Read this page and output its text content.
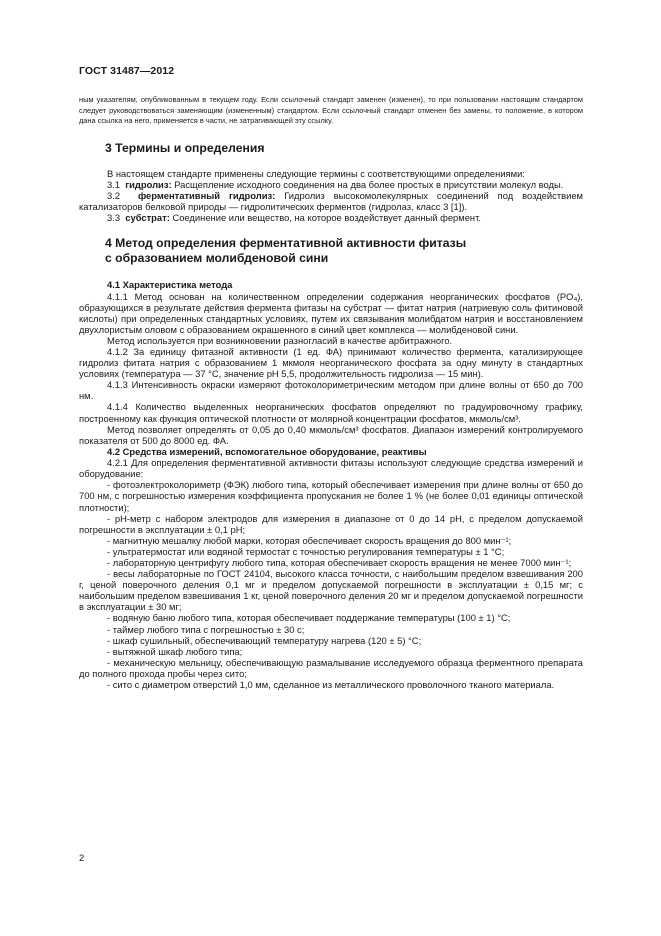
ГОСТ 31487—2012

ным указателям, опубликованным в текущем году. Если ссылочный стандарт заменен (изменен), то при пользовании настоящим стандартом следует руководствоваться заменяющим (измененным) стандартом. Если ссылочный стандарт отменен без замены, то положение, в котором дана ссылка на него, применяется в части, не затрагивающей эту ссылку.

3 Термины и определения

В настоящем стандарте применены следующие термины с соответствующими определениями:

3.1 гидролиз: Расщепление исходного соединения на два более простых в присутствии молекул воды.

3.2 ферментативный гидролиз: Гидролиз высокомолекулярных соединений под воздействием катализаторов белковой природы — гидролитических ферментов (гидролаз, класс 3 [1]).

3.3 субстрат: Соединение или вещество, на которое воздействует данный фермент.

4 Метод определения ферментативной активности фитазы
с образованием молибденовой сини
4.1 Характеристика метода

4.1.1 Метод основан на количественном определении содержания неорганических фосфатов (PO₄), образующихся в результате действия фермента фитазы на субстрат — фитат натрия (натриевую соль фитиновой кислоты) при определенных стандартных условиях, путем их связывания молибдатом натрия и восстановлением двухлористым оловом с образованием окрашенного в синий цвет комплекса — молибденовой сини.

Метод используется при возникновении разногласий в качестве арбитражного.

4.1.2 За единицу фитазной активности (1 ед. ФА) принимают количество фермента, катализирующее гидролиз фитата натрия с образованием 1 мкмоля неорганического фосфата за одну минуту в стандартных условиях (температура — 37 °С, значение pH 5,5, продолжительность гидролиза — 15 мин).

4.1.3 Интенсивность окраски измеряют фотоколориметрическим методом при длине волны от 650 до 700 нм.

4.1.4 Количество выделенных неорганических фосфатов определяют по градуировочному графику, построенному как функция оптической плотности от молярной концентрации фосфатов, мкмоль/см³.

Метод позволяет определять от 0,05 до 0,40 мкмоль/см³ фосфатов. Диапазон измерений контролируемого показателя от 500 до 8000 ед. ФА.

4.2 Средства измерений, вспомогательное оборудование, реактивы

4.2.1 Для определения ферментативной активности фитазы используют следующие средства измерений и оборудование:

- фотоэлектроколориметр (ФЭК) любого типа, который обеспечивает измерения при длине волны от 650 до 700 нм, с погрешностью измерения коэффициента пропускания не более 1 % (не более 0,01 единицы оптической плотности);

- pH-метр с набором электродов для измерения в диапазоне от 0 до 14 pH, с пределом допускаемой погрешности в эксплуатации ± 0,1 pH;

- магнитную мешалку любой марки, которая обеспечивает скорость вращения до 800 мин⁻¹;

- ультратермостат или водяной термостат с точностью регулирования температуры ± 1 °С;

- лабораторную центрифугу любого типа, которая обеспечивает скорость вращения не менее 7000 мин⁻¹;

- весы лабораторные по ГОСТ 24104, высокого класса точности, с наибольшим пределом взвешивания 200 г, ценой поверочного деления 0,1 мг и пределом допускаемой погрешности в эксплуатации ± 0,15 мг; с наибольшим пределом взвешивания 1 кг, ценой поверочного деления 20 мг и пределом допускаемой погрешности в эксплуатации ± 30 мг;

- водяную баню любого типа, которая обеспечивает поддержание температуры (100 ± 1) °С;

- таймер любого типа с погрешностью ± 30 с;

- шкаф сушильный, обеспечивающий температуру нагрева (120 ± 5) °С;

- вытяжной шкаф любого типа;

- механическую мельницу, обеспечивающую размалывание исследуемого образца ферментного препарата до полного прохода пробы через сито;

- сито с диаметром отверстий 1,0 мм, сделанное из металлического проволочного тканого материала.

2
